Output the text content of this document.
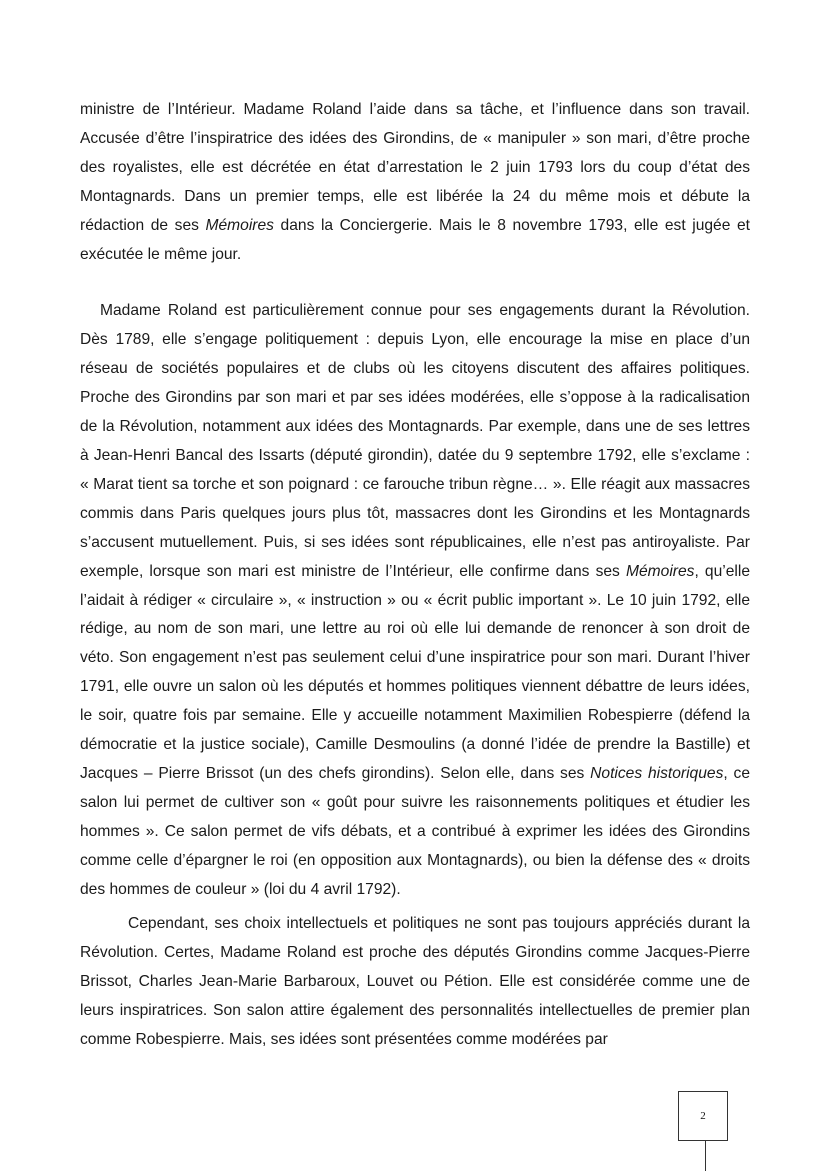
ministre de l’Intérieur. Madame Roland l’aide dans sa tâche, et l’influence dans son travail. Accusée d’être l’inspiratrice des idées des Girondins, de « manipuler » son mari, d’être proche des royalistes, elle est décrétée en état d’arrestation le 2 juin 1793 lors du coup d’état des Montagnards. Dans un premier temps, elle est libérée la 24 du même mois et débute la rédaction de ses Mémoires dans la Conciergerie. Mais le 8 novembre 1793, elle est jugée et exécutée le même jour.

Madame Roland est particulièrement connue pour ses engagements durant la Révolution. Dès 1789, elle s’engage politiquement : depuis Lyon, elle encourage la mise en place d’un réseau de sociétés populaires et de clubs où les citoyens discutent des affaires politiques. Proche des Girondins par son mari et par ses idées modérées, elle s’oppose à la radicalisation de la Révolution, notamment aux idées des Montagnards. Par exemple, dans une de ses lettres à Jean-Henri Bancal des Issarts (député girondin), datée du 9 septembre 1792, elle s’exclame : « Marat tient sa torche et son poignard : ce farouche tribun règne… ». Elle réagit aux massacres commis dans Paris quelques jours plus tôt, massacres dont les Girondins et les Montagnards s’accusent mutuellement. Puis, si ses idées sont républicaines, elle n’est pas antiroyaliste. Par exemple, lorsque son mari est ministre de l’Intérieur, elle confirme dans ses Mémoires, qu’elle l’aidait à rédiger « circulaire », « instruction » ou « écrit public important ». Le 10 juin 1792, elle rédige, au nom de son mari, une lettre au roi où elle lui demande de renoncer à son droit de véto. Son engagement n’est pas seulement celui d’une inspiratrice pour son mari. Durant l’hiver 1791, elle ouvre un salon où les députés et hommes politiques viennent débattre de leurs idées, le soir, quatre fois par semaine. Elle y accueille notamment Maximilien Robespierre (défend la démocratie et la justice sociale), Camille Desmoulins (a donné l’idée de prendre la Bastille) et Jacques – Pierre Brissot (un des chefs girondins). Selon elle, dans ses Notices historiques, ce salon lui permet de cultiver son « goût pour suivre les raisonnements politiques et étudier les hommes ». Ce salon permet de vifs débats, et a contribué à exprimer les idées des Girondins comme celle d’épargner le roi (en opposition aux Montagnards), ou bien la défense des « droits des hommes de couleur » (loi du 4 avril 1792).

Cependant, ses choix intellectuels et politiques ne sont pas toujours appréciés durant la Révolution. Certes, Madame Roland est proche des députés Girondins comme Jacques-Pierre Brissot, Charles Jean-Marie Barbaroux, Louvet ou Pétion. Elle est considérée comme une de leurs inspiratrices. Son salon attire également des personnalités intellectuelles de premier plan comme Robespierre. Mais, ses idées sont présentées comme modérées par

2
